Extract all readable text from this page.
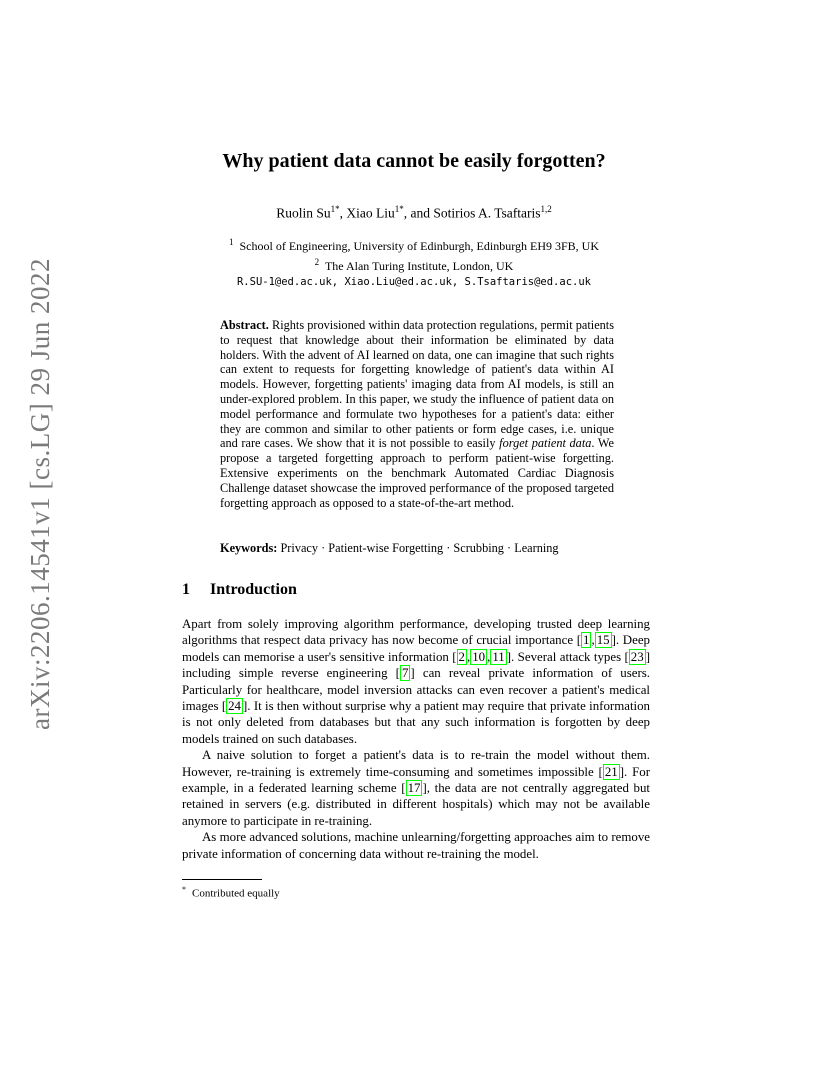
arXiv:2206.14541v1 [cs.LG] 29 Jun 2022
Why patient data cannot be easily forgotten?
Ruolin $Su^{1*}$, Xiao Liu$^{1*}$, and Sotirios A. Tsaftaris$^{1,2}$
$^1$ School of Engineering, University of Edinburgh, Edinburgh EH9 3FB, UK
$^2$ The Alan Turing Institute, London, UK
R.SU-1@ed.ac.uk, Xiao.Liu@ed.ac.uk, S.Tsaftaris@ed.ac.uk
Abstract. Rights provisioned within data protection regulations, permit patients to request that knowledge about their information be eliminated by data holders. With the advent of AI learned on data, one can imagine that such rights can extent to requests for forgetting knowledge of patient's data within AI models. However, forgetting patients' imaging data from AI models, is still an under-explored problem. In this paper, we study the influence of patient data on model performance and formulate two hypotheses for a patient's data: either they are common and similar to other patients or form edge cases, i.e. unique and rare cases. We show that it is not possible to easily forget patient data. We propose a targeted forgetting approach to perform patient-wise forgetting. Extensive experiments on the benchmark Automated Cardiac Diagnosis Challenge dataset showcase the improved performance of the proposed targeted forgetting approach as opposed to a state-of-the-art method.
Keywords: Privacy · Patient-wise Forgetting · Scrubbing · Learning
1 Introduction

Apart from solely improving algorithm performance, developing trusted deep learning algorithms that respect data privacy has now become of crucial importance [ 1 , 15 ]. Deep models can memorise a user's sensitive information [ 2 , 10 , 11 ]. Several attack types [ 23 ] including simple reverse engineering [ 7 ] can reveal private information of users. Particularly for healthcare, model inversion attacks can even recover a patient's medical images [ 24 ]. It is then without surprise why a patient may require that private information is not only deleted from databases but that any such information is forgotten by deep models trained on such databases.

A naive solution to forget a patient's data is to re-train the model without them. However, re-training is extremely time-consuming and sometimes impossible [ 21 ]. For example, in a federated learning scheme [ 17 ], the data are not centrally aggregated but retained in servers (e.g. distributed in different hospitals) which may not be available anymore to participate in re-training.

As more advanced solutions, machine unlearning/forgetting approaches aim to remove private information of concerning data without re-training the model.

* Contributed equally
